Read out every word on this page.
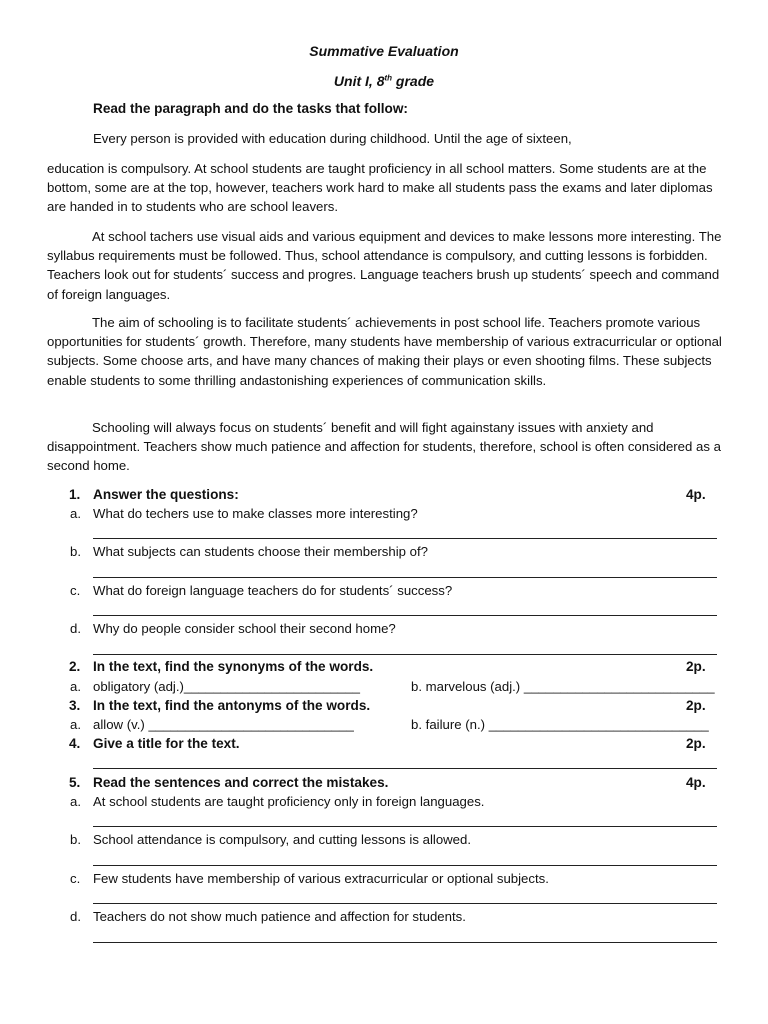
Summative Evaluation
Unit I, 8th grade
Read the paragraph and do the tasks that follow:
Every person is provided with education during childhood. Until the age of sixteen,

education is compulsory. At school students are taught proficiency in all school matters. Some students are at the bottom, some are at the top, however, teachers work hard to make all students pass the exams and later diplomas are handed in to students who are school leavers.

At school tachers use visual aids and various equipment and devices to make lessons more interesting. The syllabus requirements must be followed. Thus, school attendance is compulsory, and cutting lessons is forbidden. Teachers look out for students´ success and progres. Language teachers brush up students´ speech and command of foreign languages.

The aim of schooling is to facilitate students´ achievements in post school life. Teachers promote various opportunities for students´ growth. Therefore, many students have membership of various extracurricular or optional subjects. Some choose arts, and have many chances of making their plays or even shooting films. These subjects enable students to some thrilling andastonishing experiences of communication skills.

Schooling will always focus on students´ benefit and will fight againstany issues with anxiety and disappointment. Teachers show much patience and affection for students, therefore, school is often considered as a second home.

1. Answer the questions:	4p.
a. What do techers use to make classes more interesting?
b. What subjects can students choose their membership of?
c. What do foreign language teachers do for students´ success?
d. Why do people consider school their second home?
2. In the text, find the synonyms of the words.	2p.
a. obligatory (adj.)________________________	b. marvelous (adj.) __________________________
3. In the text, find the antonyms of the words.	2p.
a. allow (v.) ____________________________	b. failure (n.) ______________________________
4. Give a title for the text.	2p.
5. Read the sentences and correct the mistakes.	4p.
a. At school students are taught proficiency only in foreign languages.
b. School attendance is compulsory, and cutting lessons is allowed.
c. Few students have membership of various extracurricular or optional subjects.
d. Teachers do not show much patience and affection for students.
